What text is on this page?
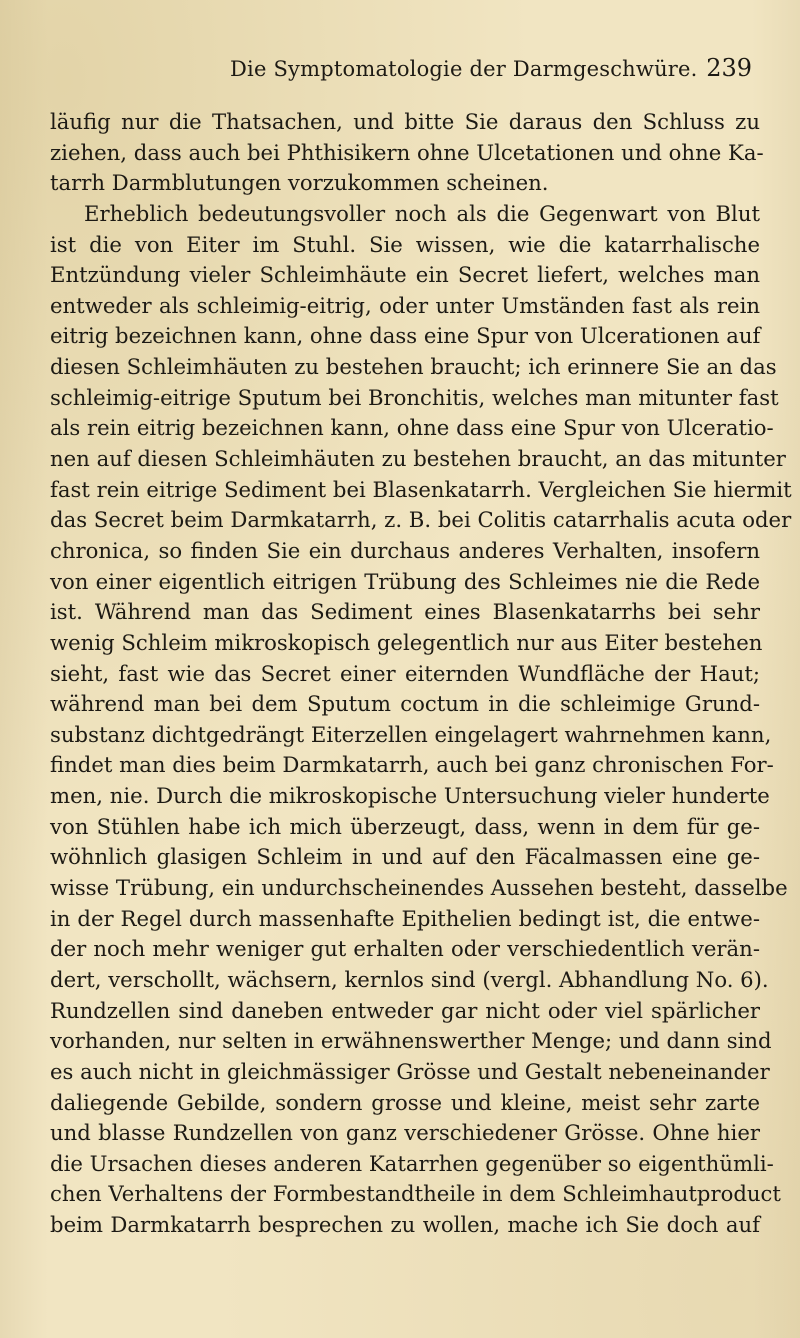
Die Symptomatologie der Darmgeschwüre. 239
läufig nur die Thatsachen, und bitte Sie daraus den Schluss zu
ziehen, dass auch bei Phthisikern ohne Ulcetationen und ohne Ka-
tarrh Darmblutungen vorzukommen scheinen.
Erheblich bedeutungsvoller noch als die Gegenwart von Blut
ist die von Eiter im Stuhl. Sie wissen, wie die katarrhalische
Entzündung vieler Schleimhäute ein Secret liefert, welches man
entweder als schleimig-eitrig, oder unter Umständen fast als rein
eitrig bezeichnen kann, ohne dass eine Spur von Ulcerationen auf
diesen Schleimhäuten zu bestehen braucht; ich erinnere Sie an das
schleimig-eitrige Sputum bei Bronchitis, welches man mitunter fast
als rein eitrig bezeichnen kann, ohne dass eine Spur von Ulceratio-
nen auf diesen Schleimhäuten zu bestehen braucht, an das mitunter
fast rein eitrige Sediment bei Blasenkatarrh. Vergleichen Sie hiermit
das Secret beim Darmkatarrh, z. B. bei Colitis catarrhalis acuta oder
chronica, so finden Sie ein durchaus anderes Verhalten, insofern
von einer eigentlich eitrigen Trübung des Schleimes nie die Rede
ist. Während man das Sediment eines Blasenkatarrhs bei sehr
wenig Schleim mikroskopisch gelegentlich nur aus Eiter bestehen
sieht, fast wie das Secret einer eiternden Wundfläche der Haut;
während man bei dem Sputum coctum in die schleimige Grund-
substanz dichtgedrängt Eiterzellen eingelagert wahrnehmen kann,
findet man dies beim Darmkatarrh, auch bei ganz chronischen For-
men, nie. Durch die mikroskopische Untersuchung vieler hunderte
von Stühlen habe ich mich überzeugt, dass, wenn in dem für ge-
wöhnlich glasigen Schleim in und auf den Fäcalmassen eine ge-
wisse Trübung, ein undurchscheinendes Aussehen besteht, dasselbe
in der Regel durch massenhafte Epithelien bedingt ist, die entwe-
der noch mehr weniger gut erhalten oder verschiedentlich verän-
dert, verschollt, wächsern, kernlos sind (vergl. Abhandlung No. 6).
Rundzellen sind daneben entweder gar nicht oder viel spärlicher
vorhanden, nur selten in erwähnenswerther Menge; und dann sind
es auch nicht in gleichmässiger Grösse und Gestalt nebeneinander
daliegende Gebilde, sondern grosse und kleine, meist sehr zarte
und blasse Rundzellen von ganz verschiedener Grösse. Ohne hier
die Ursachen dieses anderen Katarrhen gegenüber so eigenthümli-
chen Verhaltens der Formbestandtheile in dem Schleimhautproduct
beim Darmkatarrh besprechen zu wollen, mache ich Sie doch auf
